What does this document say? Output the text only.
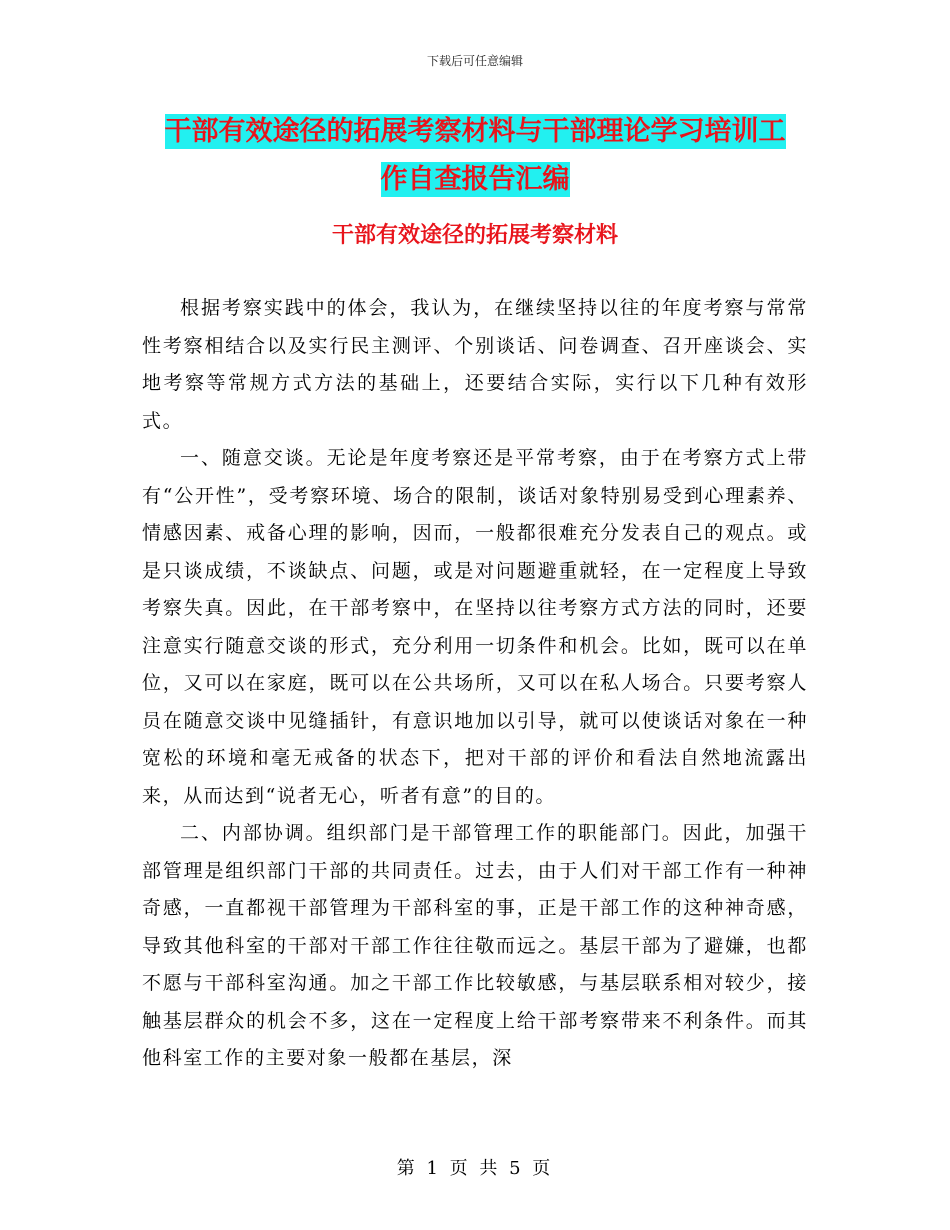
下载后可任意编辑
干部有效途径的拓展考察材料与干部理论学习培训工
作自查报告汇编
干部有效途径的拓展考察材料

根据考察实践中的体会，我认为，在继续坚持以往的年度考察与常常性考察相结合以及实行民主测评、个别谈话、问卷调查、召开座谈会、实地考察等常规方式方法的基础上，还要结合实际，实行以下几种有效形式。

一、随意交谈。无论是年度考察还是平常考察，由于在考察方式上带有“公开性”，受考察环境、场合的限制，谈话对象特别易受到心理素养、情感因素、戒备心理的影响，因而，一般都很难充分发表自己的观点。或是只谈成绩，不谈缺点、问题，或是对问题避重就轻，在一定程度上导致考察失真。因此，在干部考察中，在坚持以往考察方式方法的同时，还要注意实行随意交谈的形式，充分利用一切条件和机会。比如，既可以在单位，又可以在家庭，既可以在公共场所，又可以在私人场合。只要考察人员在随意交谈中见缝插针，有意识地加以引导，就可以使谈话对象在一种宽松的环境和毫无戒备的状态下，把对干部的评价和看法自然地流露出来，从而达到“说者无心，听者有意”的目的。

二、内部协调。组织部门是干部管理工作的职能部门。因此，加强干部管理是组织部门干部的共同责任。过去，由于人们对干部工作有一种神奇感，一直都视干部管理为干部科室的事，正是干部工作的这种神奇感，导致其他科室的干部对干部工作往往敬而远之。基层干部为了避嫌，也都不愿与干部科室沟通。加之干部工作比较敏感，与基层联系相对较少，接触基层群众的机会不多，这在一定程度上给干部考察带来不利条件。而其他科室工作的主要对象一般都在基层，深

第 1 页 共 5 页
